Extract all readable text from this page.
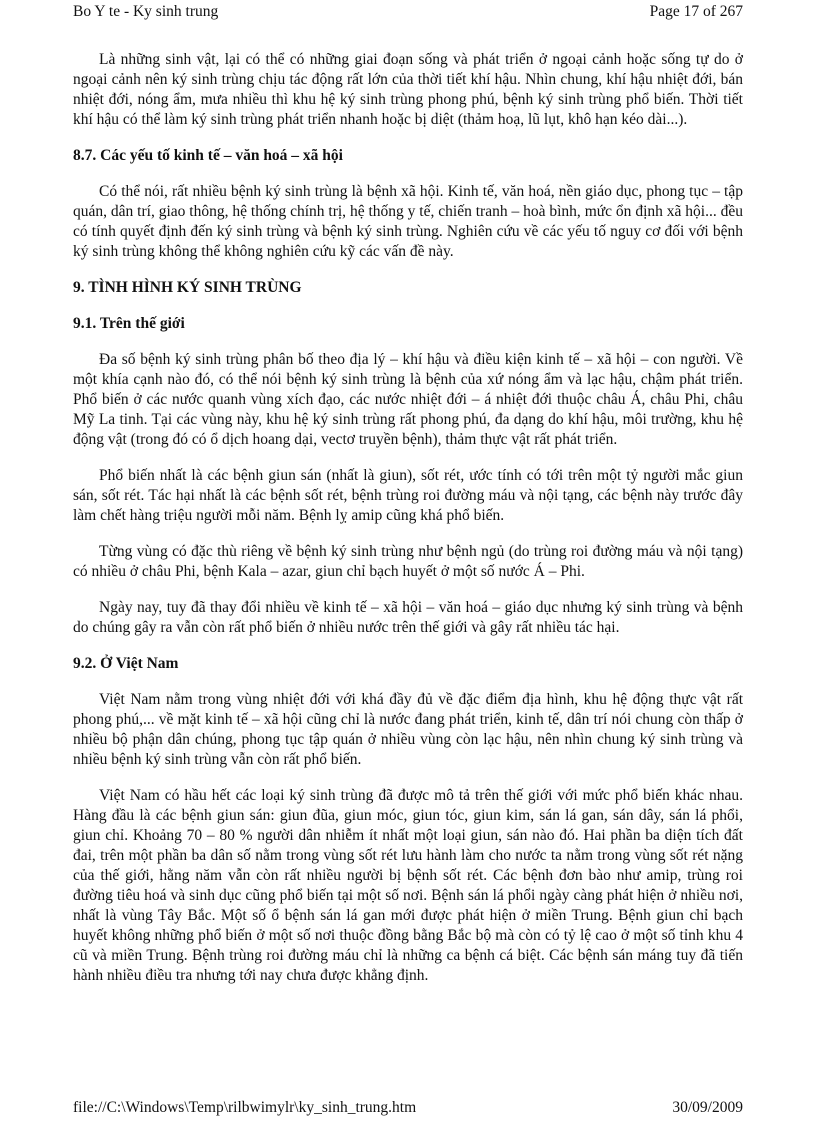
Bo Y te - Ky sinh trung	Page 17 of 267

Là những sinh vật, lại có thể có những giai đoạn sống và phát triển ở ngoại cảnh hoặc sống tự do ở ngoại cảnh nên ký sinh trùng chịu tác động rất lớn của thời tiết khí hậu. Nhìn chung, khí hậu nhiệt đới, bán nhiệt đới, nóng ẩm, mưa nhiều thì khu hệ ký sinh trùng phong phú, bệnh ký sinh trùng phổ biến. Thời tiết khí hậu có thể làm ký sinh trùng phát triển nhanh hoặc bị diệt (thảm hoạ, lũ lụt, khô hạn kéo dài...).

8.7. Các yếu tố kinh tế – văn hoá – xã hội

Có thể nói, rất nhiều bệnh ký sinh trùng là bệnh xã hội. Kinh tế, văn hoá, nền giáo dục, phong tục – tập quán, dân trí, giao thông, hệ thống chính trị, hệ thống y tế, chiến tranh – hoà bình, mức ổn định xã hội... đều có tính quyết định đến ký sinh trùng và bệnh ký sinh trùng. Nghiên cứu về các yếu tố nguy cơ đối với bệnh ký sinh trùng không thể không nghiên cứu kỹ các vấn đề này.

9. TÌNH HÌNH KÝ SINH TRÙNG
9.1. Trên thế giới

Đa số bệnh ký sinh trùng phân bố theo địa lý – khí hậu và điều kiện kinh tế – xã hội – con người. Về một khía cạnh nào đó, có thể nói bệnh ký sinh trùng là bệnh của xứ nóng ẩm và lạc hậu, chậm phát triển. Phổ biến ở các nước quanh vùng xích đạo, các nước nhiệt đới – á nhiệt đới thuộc châu Á, châu Phi, châu Mỹ La tinh. Tại các vùng này, khu hệ ký sinh trùng rất phong phú, đa dạng do khí hậu, môi trường, khu hệ động vật (trong đó có ổ dịch hoang dại, vectơ truyền bệnh), thảm thực vật rất phát triển.

Phổ biến nhất là các bệnh giun sán (nhất là giun), sốt rét, ước tính có tới trên một tỷ người mắc giun sán, sốt rét. Tác hại nhất là các bệnh sốt rét, bệnh trùng roi đường máu và nội tạng, các bệnh này trước đây làm chết hàng triệu người mỗi năm. Bệnh lỵ amip cũng khá phổ biến.

Từng vùng có đặc thù riêng về bệnh ký sinh trùng như bệnh ngủ (do trùng roi đường máu và nội tạng) có nhiều ở châu Phi, bệnh Kala – azar, giun chỉ bạch huyết ở một số nước Á – Phi.

Ngày nay, tuy đã thay đổi nhiều về kinh tế – xã hội – văn hoá – giáo dục nhưng ký sinh trùng và bệnh do chúng gây ra vẫn còn rất phổ biến ở nhiều nước trên thế giới và gây rất nhiều tác hại.

9.2. Ở Việt Nam

Việt Nam nằm trong vùng nhiệt đới với khá đầy đủ về đặc điểm địa hình, khu hệ động thực vật rất phong phú,... về mặt kinh tế – xã hội cũng chỉ là nước đang phát triển, kinh tế, dân trí nói chung còn thấp ở nhiều bộ phận dân chúng, phong tục tập quán ở nhiều vùng còn lạc hậu, nên nhìn chung ký sinh trùng và nhiều bệnh ký sinh trùng vẫn còn rất phổ biến.

Việt Nam có hầu hết các loại ký sinh trùng đã được mô tả trên thế giới với mức phổ biến khác nhau. Hàng đầu là các bệnh giun sán: giun đũa, giun móc, giun tóc, giun kim, sán lá gan, sán dây, sán lá phổi, giun chỉ. Khoảng 70 – 80 % người dân nhiễm ít nhất một loại giun, sán nào đó. Hai phần ba diện tích đất đai, trên một phần ba dân số nằm trong vùng sốt rét lưu hành làm cho nước ta nằm trong vùng sốt rét nặng của thế giới, hằng năm vẫn còn rất nhiều người bị bệnh sốt rét. Các bệnh đơn bào như amip, trùng roi đường tiêu hoá và sinh dục cũng phổ biến tại một số nơi. Bệnh sán lá phổi ngày càng phát hiện ở nhiều nơi, nhất là vùng Tây Bắc. Một số ổ bệnh sán lá gan mới được phát hiện ở miền Trung. Bệnh giun chỉ bạch huyết không những phổ biến ở một số nơi thuộc đồng bằng Bắc bộ mà còn có tỷ lệ cao ở một số tỉnh khu 4 cũ và miền Trung. Bệnh trùng roi đường máu chỉ là những ca bệnh cá biệt. Các bệnh sán máng tuy đã tiến hành nhiều điều tra nhưng tới nay chưa được khẳng định.

file://C:\Windows\Temp\rilbwimylr\ky_sinh_trung.htm	30/09/2009
